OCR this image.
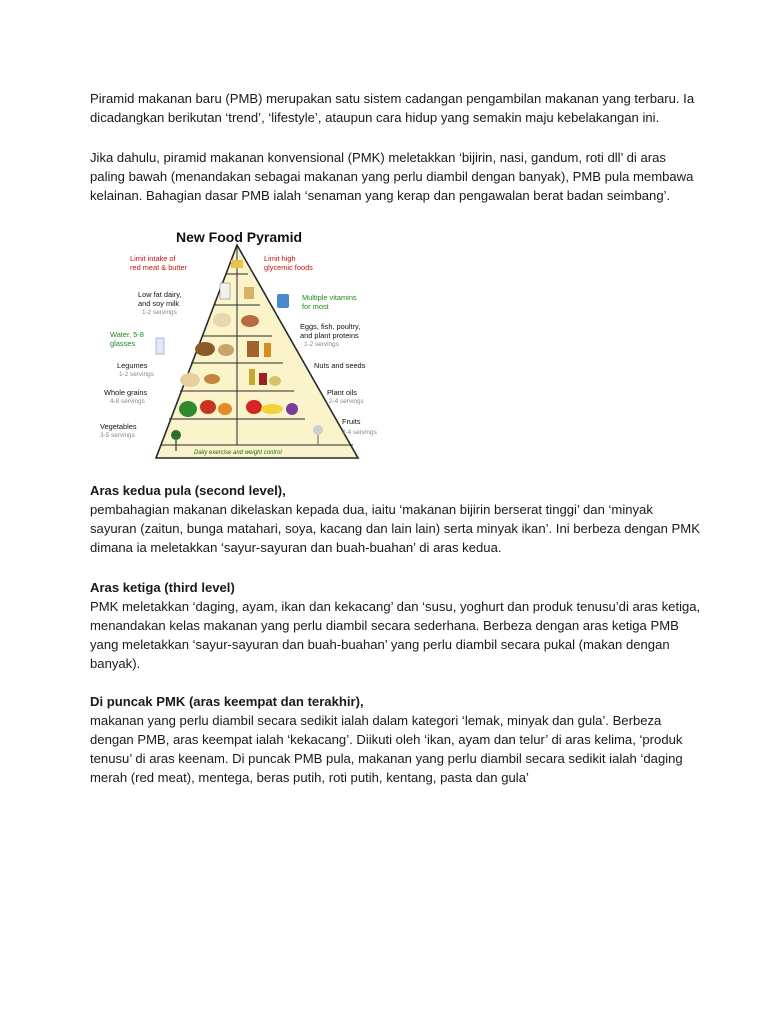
Piramid makanan baru (PMB) merupakan satu sistem cadangan pengambilan makanan yang terbaru. Ia
dicadangkan berikutan ‘trend’, ‘lifestyle’, ataupun cara hidup yang semakin maju kebelakangan ini.

Jika dahulu, piramid makanan konvensional (PMK) meletakkan ‘bijirin, nasi, gandum, roti dll’ di aras
paling bawah (menandakan sebagai makanan yang perlu diambil dengan banyak), PMB pula membawa
kelainan. Bahagian dasar PMB ialah ‘senaman yang kerap dan pengawalan berat badan seimbang’.

New Food Pyramid
Limit intake of
red meat & butter
Low fat dairy,
and soy milk
1-2 servings
Water, 5-8
glasses
Legumes
1-2 servings
Whole grains
4-8 servings
Vegetables
3-5 servings
Limit high
glycemic foods
Multiple vitamins
for most
Eggs, fish, poultry,
and plant proteins
1-2 servings
Nuts and seeds
Plant oils
2-4 servings
Fruits
2-4 servings
Daily exercise and weight control
Aras kedua pula (second level),
pembahagian makanan dikelaskan kepada dua, iaitu ‘makanan bijirin berserat tinggi’ dan ‘minyak
sayuran (zaitun, bunga matahari, soya, kacang dan lain lain) serta minyak ikan’. Ini berbeza dengan PMK
dimana ia meletakkan ‘sayur-sayuran dan buah-buahan’ di aras kedua.
Aras ketiga (third level)
PMK meletakkan ‘daging, ayam, ikan dan kekacang’ dan ‘susu, yoghurt dan produk tenusu’di aras ketiga,
menandakan kelas makanan yang perlu diambil secara sederhana. Berbeza dengan aras ketiga PMB
yang meletakkan ‘sayur-sayuran dan buah-buahan’ yang perlu diambil secara pukal (makan dengan
banyak).
Di puncak PMK (aras keempat dan terakhir),
makanan yang perlu diambil secara sedikit ialah dalam kategori ‘lemak, minyak dan gula’. Berbeza
dengan PMB, aras keempat ialah ‘kekacang’. Diikuti oleh ‘ikan, ayam dan telur’ di aras kelima, ‘produk
tenusu’ di aras keenam. Di puncak PMB pula, makanan yang perlu diambil secara sedikit ialah ‘daging
merah (red meat), mentega, beras putih, roti putih, kentang, pasta dan gula’
